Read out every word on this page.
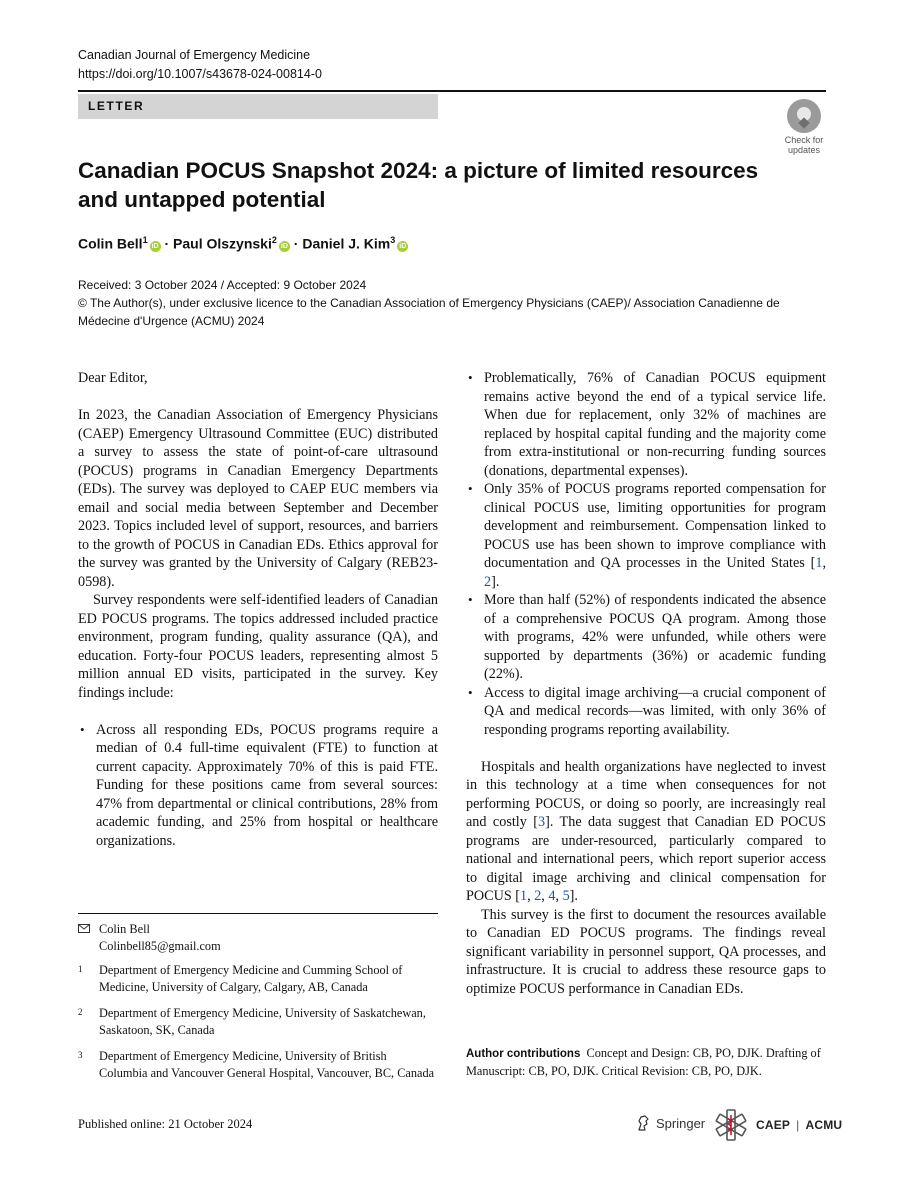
Canadian Journal of Emergency Medicine
https://doi.org/10.1007/s43678-024-00814-0
LETTER
Check for
updates
Canadian POCUS Snapshot 2024: a picture of limited resources and untapped potential
Colin Bell$^1$iD · Paul Olszynski$^2$iD · Daniel J. Kim$^3$iD
Received: 3 October 2024 / Accepted: 9 October 2024
© The Author(s), under exclusive licence to the Canadian Association of Emergency Physicians (CAEP)/ Association Canadienne de Médecine d'Urgence (ACMU) 2024

Dear Editor,

In 2023, the Canadian Association of Emergency Physicians (CAEP) Emergency Ultrasound Committee (EUC) distributed a survey to assess the state of point-of-care ultrasound (POCUS) programs in Canadian Emergency Departments (EDs). The survey was deployed to CAEP EUC members via email and social media between September and December 2023. Topics included level of support, resources, and barriers to the growth of POCUS in Canadian EDs. Ethics approval for the survey was granted by the University of Calgary (REB23-0598).

Survey respondents were self-identified leaders of Canadian ED POCUS programs. The topics addressed included practice environment, program funding, quality assurance (QA), and education. Forty-four POCUS leaders, representing almost 5 million annual ED visits, participated in the survey. Key findings include:

• Across all responding EDs, POCUS programs require a median of 0.4 full-time equivalent (FTE) to function at current capacity. Approximately 70% of this is paid FTE. Funding for these positions came from several sources: 47% from departmental or clinical contributions, 28% from academic funding, and 25% from hospital or healthcare organizations.
• Problematically, 76% of Canadian POCUS equipment remains active beyond the end of a typical service life. When due for replacement, only 32% of machines are replaced by hospital capital funding and the majority come from extra-institutional or non-recurring funding sources (donations, departmental expenses).
• Only 35% of POCUS programs reported compensation for clinical POCUS use, limiting opportunities for program development and reimbursement. Compensation linked to POCUS use has been shown to improve compliance with documentation and QA processes in the United States [1, 2].
• More than half (52%) of respondents indicated the absence of a comprehensive POCUS QA program. Among those with programs, 42% were unfunded, while others were supported by departments (36%) or academic funding (22%).
• Access to digital image archiving—a crucial component of QA and medical records—was limited, with only 36% of responding programs reporting availability.

Hospitals and health organizations have neglected to invest in this technology at a time when consequences for not performing POCUS, or doing so poorly, are increasingly real and costly [3]. The data suggest that Canadian ED POCUS programs are under-resourced, particularly compared to national and international peers, which report superior access to digital image archiving and clinical compensation for POCUS [1, 2, 4, 5].

This survey is the first to document the resources available to Canadian ED POCUS programs. The findings reveal significant variability in personnel support, QA processes, and infrastructure. It is crucial to address these resource gaps to optimize POCUS performance in Canadian EDs.

Colin Bell
Colinbell85@gmail.com
1 Department of Emergency Medicine and Cumming School of Medicine, University of Calgary, Calgary, AB, Canada
2 Department of Emergency Medicine, University of Saskatchewan, Saskatoon, SK, Canada
3 Department of Emergency Medicine, University of British Columbia and Vancouver General Hospital, Vancouver, BC, Canada
Author contributions Concept and Design: CB, PO, DJK. Drafting of Manuscript: CB, PO, DJK. Critical Revision: CB, PO, DJK.
Published online: 21 October 2024	Springer	CAEP | ACMU
